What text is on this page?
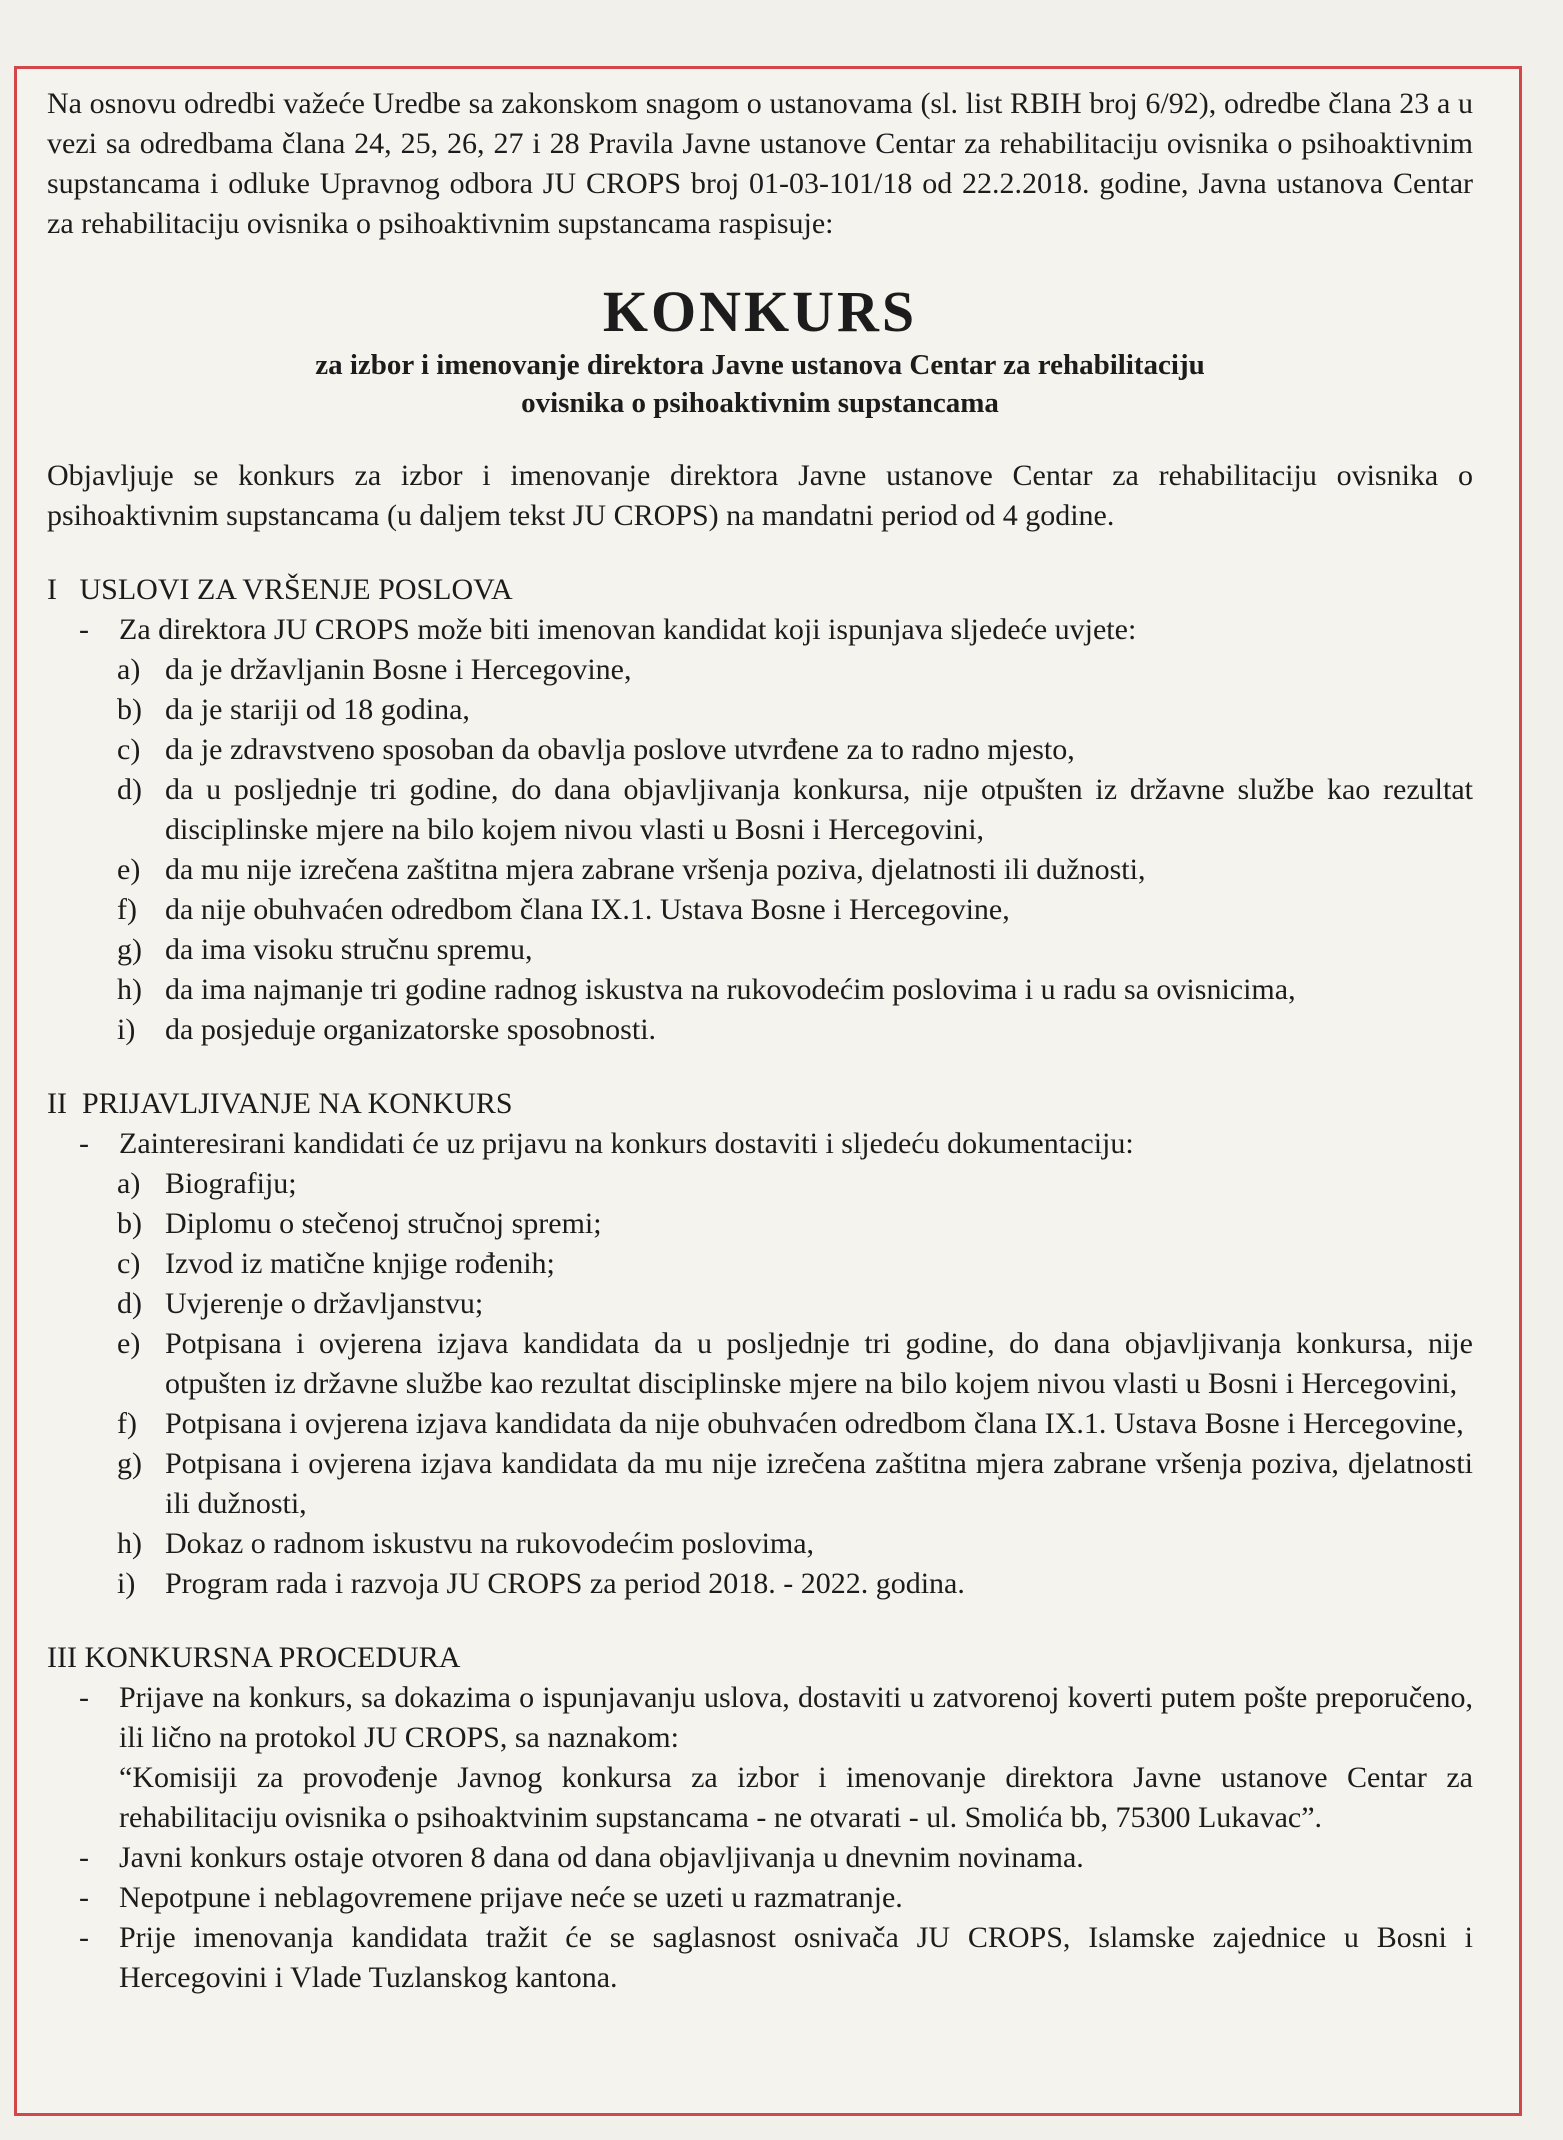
Na osnovu odredbi važeće Uredbe sa zakonskom snagom o ustanovama (sl. list RBIH broj 6/92), odredbe člana 23 a u vezi sa odredbama člana 24, 25, 26, 27 i 28 Pravila Javne ustanove Centar za rehabilitaciju ovisnika o psihoaktivnim supstancama i odluke Upravnog odbora JU CROPS broj 01-03-101/18 od 22.2.2018. godine, Javna ustanova Centar za rehabilitaciju ovisnika o psihoaktivnim supstancama raspisuje:

KONKURS
za izbor i imenovanje direktora Javne ustanova Centar za rehabilitaciju
ovisnika o psihoaktivnim supstancama

Objavljuje se konkurs za izbor i imenovanje direktora Javne ustanove Centar za rehabilitaciju ovisnika o psihoaktivnim supstancama (u daljem tekst JU CROPS) na mandatni period od 4 godine.

I   USLOVI ZA VRŠENJE POSLOVA
- Za direktora JU CROPS može biti imenovan kandidat koji ispunjava sljedeće uvjete:
a) da je državljanin Bosne i Hercegovine,
b) da je stariji od 18 godina,
c) da je zdravstveno sposoban da obavlja poslove utvrđene za to radno mjesto,
d) da u posljednje tri godine, do dana objavljivanja konkursa, nije otpušten iz državne službe kao rezultat disciplinske mjere na bilo kojem nivou vlasti u Bosni i Hercegovini,
e) da mu nije izrečena zaštitna mjera zabrane vršenja poziva, djelatnosti ili dužnosti,
f) da nije obuhvaćen odredbom člana IX.1. Ustava Bosne i Hercegovine,
g) da ima visoku stručnu spremu,
h) da ima najmanje tri godine radnog iskustva na rukovodećim poslovima i u radu sa ovisnicima,
i) da posjeduje organizatorske sposobnosti.
II  PRIJAVLJIVANJE NA KONKURS
- Zainteresirani kandidati će uz prijavu na konkurs dostaviti i sljedeću dokumentaciju:
a) Biografiju;
b) Diplomu o stečenoj stručnoj spremi;
c) Izvod iz matične knjige rođenih;
d) Uvjerenje o državljanstvu;
e) Potpisana i ovjerena izjava kandidata da u posljednje tri godine, do dana objavljivanja konkursa, nije otpušten iz državne službe kao rezultat disciplinske mjere na bilo kojem nivou vlasti u Bosni i Hercegovini,
f) Potpisana i ovjerena izjava kandidata da nije obuhvaćen odredbom člana IX.1. Ustava Bosne i Hercegovine,
g) Potpisana i ovjerena izjava kandidata da mu nije izrečena zaštitna mjera zabrane vršenja poziva, djelatnosti ili dužnosti,
h) Dokaz o radnom iskustvu na rukovodećim poslovima,
i) Program rada i razvoja JU CROPS za period 2018. - 2022. godina.
III KONKURSNA PROCEDURA
- Prijave na konkurs, sa dokazima o ispunjavanju uslova, dostaviti u zatvorenoj koverti putem pošte preporučeno, ili lično na protokol JU CROPS, sa naznakom:

“Komisiji za provođenje Javnog konkursa za izbor i imenovanje direktora Javne ustanove Centar za rehabilitaciju ovisnika o psihoaktvinim supstancama - ne otvarati - ul. Smolića bb, 75300 Lukavac”.

- Javni konkurs ostaje otvoren 8 dana od dana objavljivanja u dnevnim novinama.
- Nepotpune i neblagovremene prijave neće se uzeti u razmatranje.
- Prije imenovanja kandidata tražit će se saglasnost osnivača JU CROPS, Islamske zajednice u Bosni i Hercegovini i Vlade Tuzlanskog kantona.
